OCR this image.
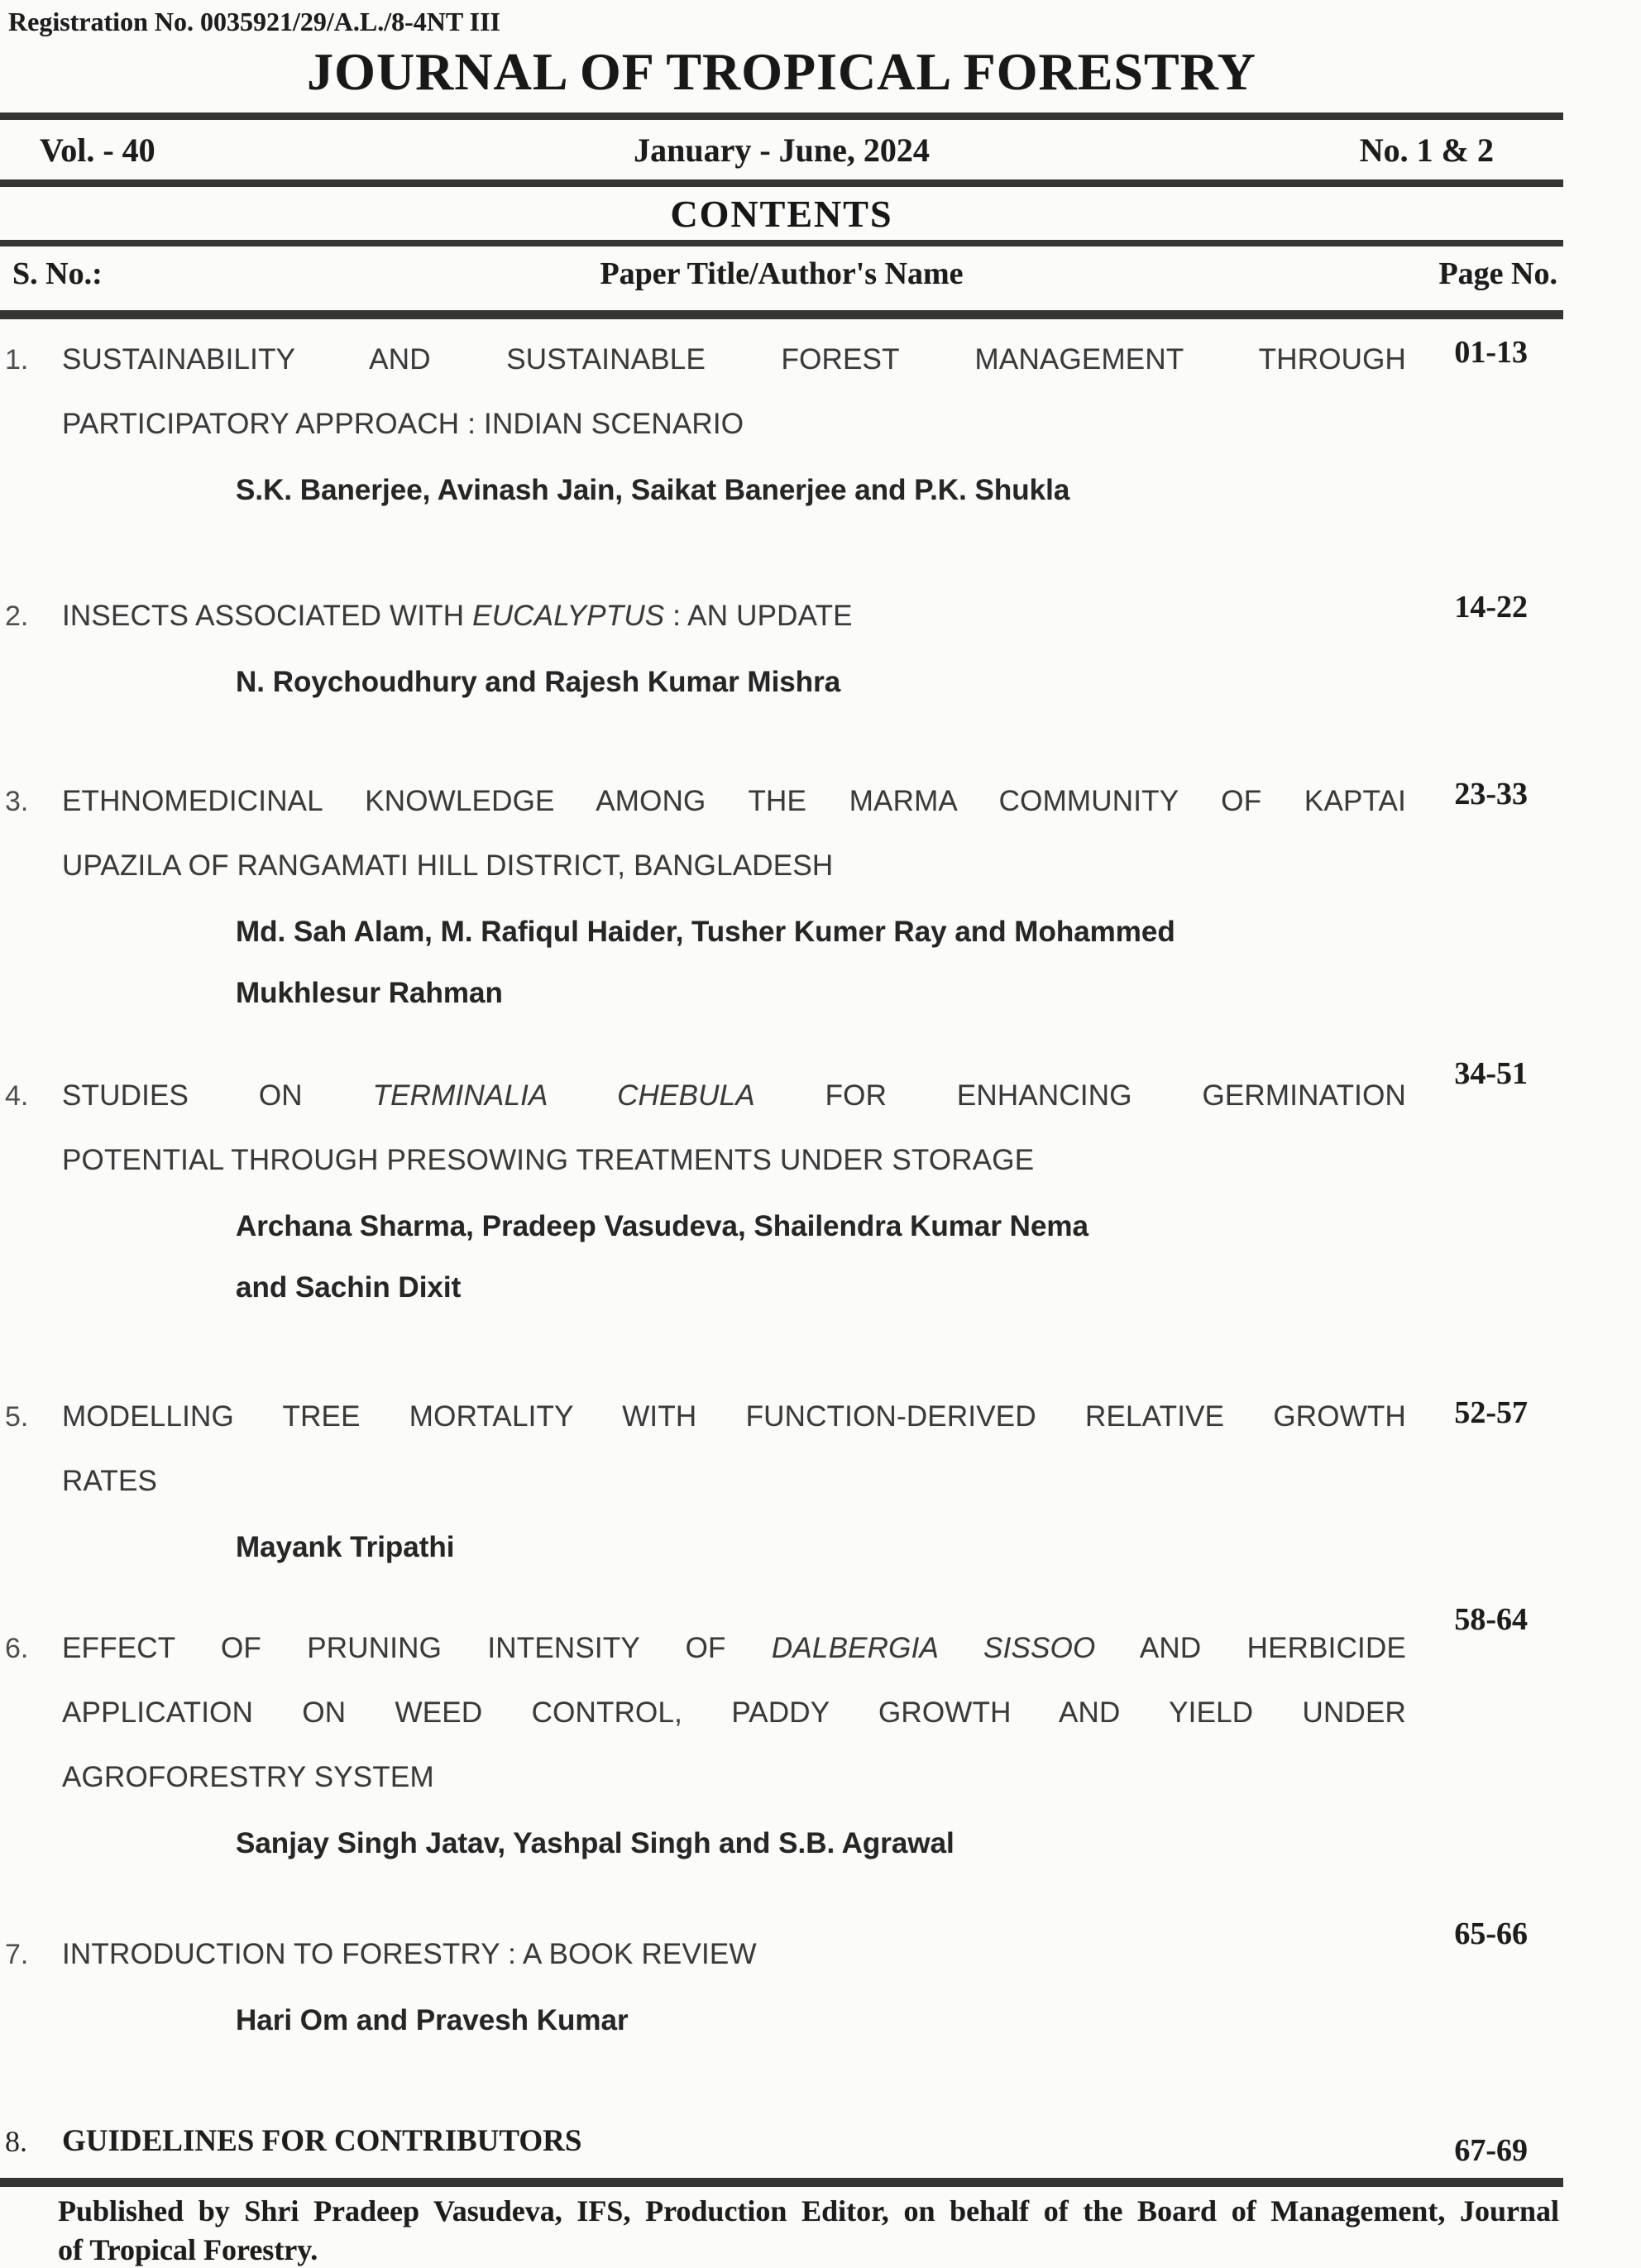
Registration No. 0035921/29/A.L./8-4NT III
JOURNAL OF TROPICAL FORESTRY
Vol. - 40	January - June, 2024	No. 1 & 2
CONTENTS
S. No.:	Paper Title/Author's Name	Page No.
1. SUSTAINABILITY AND SUSTAINABLE FOREST MANAGEMENT THROUGH
PARTICIPATORY APPROACH : INDIAN SCENARIO
S.K. Banerjee, Avinash Jain, Saikat Banerjee and P.K. Shukla
01-13
2. INSECTS ASSOCIATED WITH EUCALYPTUS : AN UPDATE
N. Roychoudhury and Rajesh Kumar Mishra
14-22
3. ETHNOMEDICINAL KNOWLEDGE AMONG THE MARMA COMMUNITY OF KAPTAI
UPAZILA OF RANGAMATI HILL DISTRICT, BANGLADESH
Md. Sah Alam, M. Rafiqul Haider, Tusher Kumer Ray and Mohammed
Mukhlesur Rahman
23-33
4. STUDIES ON TERMINALIA CHEBULA FOR ENHANCING GERMINATION
POTENTIAL THROUGH PRESOWING TREATMENTS UNDER STORAGE
Archana Sharma, Pradeep Vasudeva, Shailendra Kumar Nema
and Sachin Dixit
34-51
5. MODELLING TREE MORTALITY WITH FUNCTION-DERIVED RELATIVE GROWTH
RATES
Mayank Tripathi
52-57
6. EFFECT OF PRUNING INTENSITY OF DALBERGIA SISSOO AND HERBICIDE
APPLICATION ON WEED CONTROL, PADDY GROWTH AND YIELD UNDER
AGROFORESTRY SYSTEM
Sanjay Singh Jatav, Yashpal Singh and S.B. Agrawal
58-64
7. INTRODUCTION TO FORESTRY : A BOOK REVIEW
Hari Om and Pravesh Kumar
65-66
8. GUIDELINES FOR CONTRIBUTORS	67-69
Published by Shri Pradeep Vasudeva, IFS, Production Editor, on behalf of the Board of Management, Journal
of Tropical Forestry.
